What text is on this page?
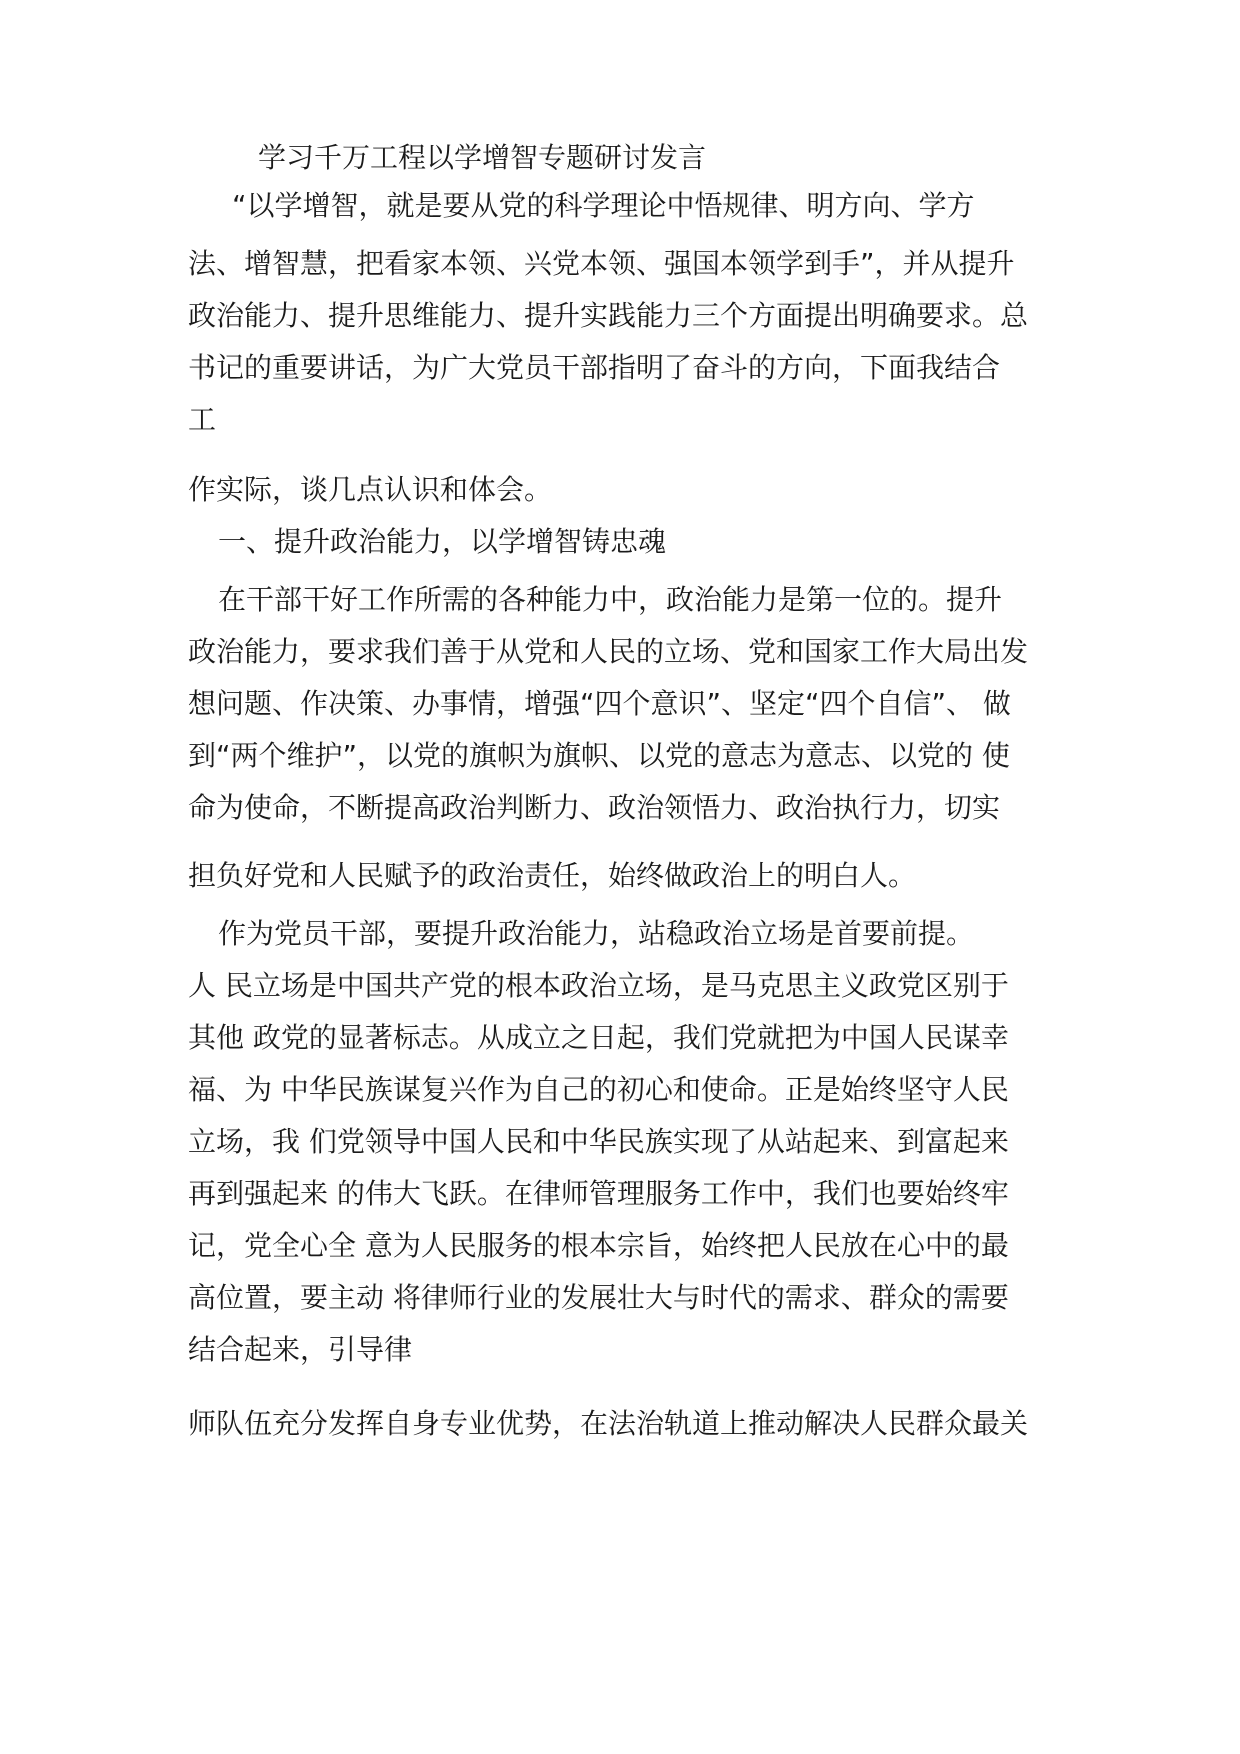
学习千万工程以学增智专题研讨发言
“以学增智，就是要从党的科学理论中悟规律、明方向、学方
法、增智慧，把看家本领、兴党本领、强国本领学到手”，并从提升
政治能力、提升思维能力、提升实践能力三个方面提出明确要求。总
书记的重要讲话，为广大党员干部指明了奋斗的方向，下面我结合
工
作实际，谈几点认识和体会。
一、提升政治能力，以学增智铸忠魂
在干部干好工作所需的各种能力中，政治能力是第一位的。提升
政治能力，要求我们善于从党和人民的立场、党和国家工作大局出发
想问题、作决策、办事情，增强“四个意识”、坚定“四个自信”、 做
到“两个维护”，以党的旗帜为旗帜、以党的意志为意志、以党的 使
命为使命，不断提高政治判断力、政治领悟力、政治执行力，切实
担负好党和人民赋予的政治责任，始终做政治上的明白人。
作为党员干部，要提升政治能力，站稳政治立场是首要前提。
人 民立场是中国共产党的根本政治立场，是马克思主义政党区别于
其他 政党的显著标志。从成立之日起，我们党就把为中国人民谋幸
福、为 中华民族谋复兴作为自己的初心和使命。正是始终坚守人民
立场，我 们党领导中国人民和中华民族实现了从站起来、到富起来
再到强起来 的伟大飞跃。在律师管理服务工作中，我们也要始终牢
记，党全心全 意为人民服务的根本宗旨，始终把人民放在心中的最
高位置，要主动 将律师行业的发展壮大与时代的需求、群众的需要
结合起来，引导律
师队伍充分发挥自身专业优势，在法治轨道上推动解决人民群众最关
